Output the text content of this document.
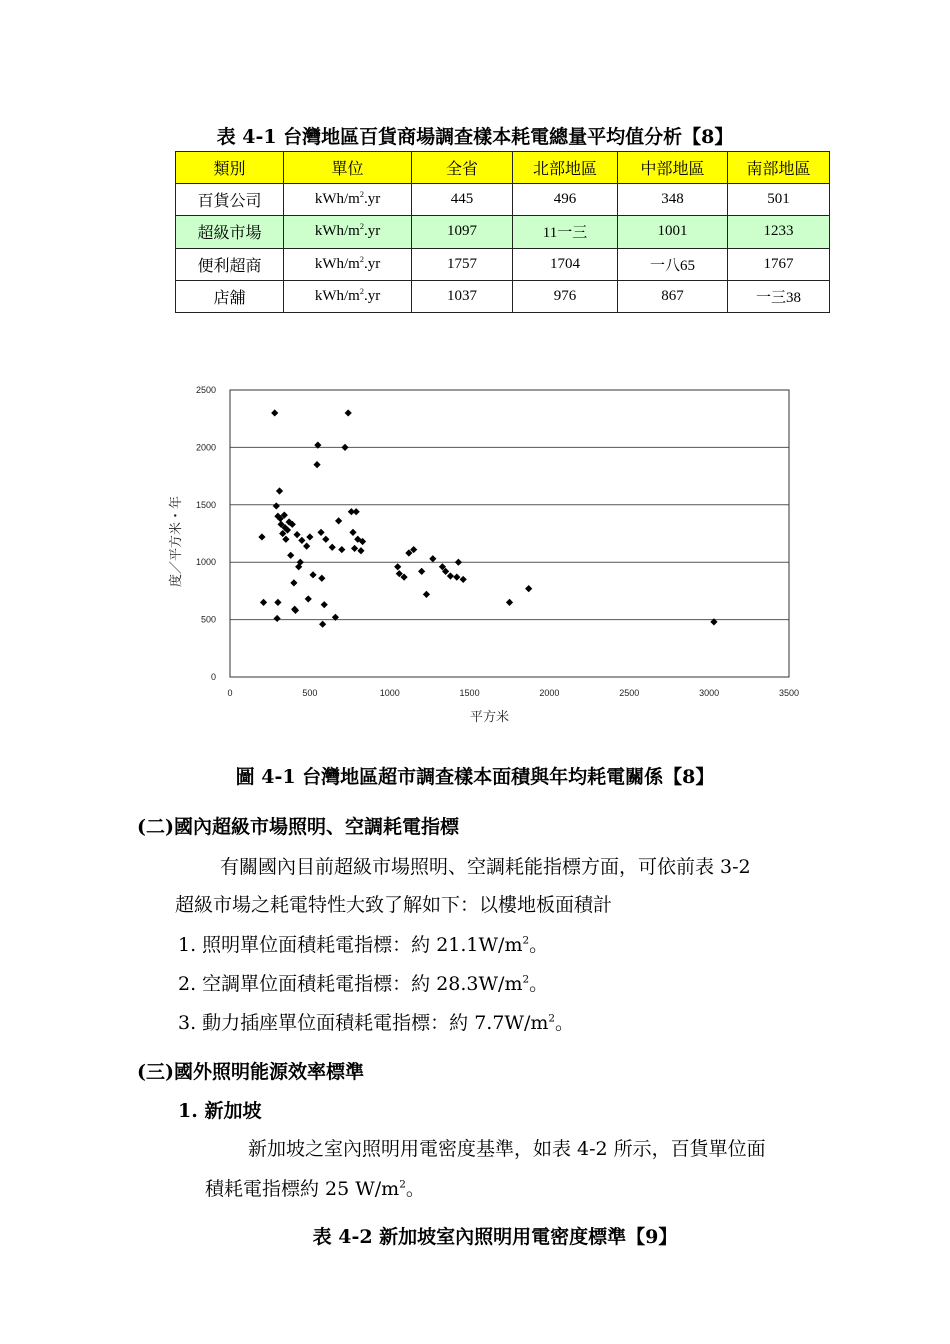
表 4-1 台灣地區百貨商場調查樣本耗電總量平均值分析【8】
類別	單位	全省	北部地區	中部地區	南部地區
百貨公司	kWh/$m^2.yr$	445	496	348	501
超級市場	kWh/$m^2.yr$	1097	11一三	1001	1233
便利超商	kWh/$m^2.yr$	1757	1704	一八65	1767
店舖	kWh/$m^2.yr$	1037	976	867	一三38
0
500
1000
1500
2000
2500
0	500	1000	1500	2000	2500	3000	3500
平方米
度／平方米・年
圖 4-1 台灣地區超市調查樣本面積與年均耗電關係【8】
(二)國內超級市場照明、空調耗電指標
有關國內目前超級市場照明、空調耗能指標方面，可依前表 3-2
超級市場之耗電特性大致了解如下：以樓地板面積計
1. 照明單位面積耗電指標：約 $21.1W/m^2$。
2. 空調單位面積耗電指標：約 $28.3W/m^2$。
3. 動力插座單位面積耗電指標：約 $7.7W/m^2$。
(三)國外照明能源效率標準
1. 新加坡
新加坡之室內照明用電密度基準，如表 4-2 所示，百貨單位面
積耗電指標約 25 $W/m^2$。
表 4-2 新加坡室內照明用電密度標準【9】
